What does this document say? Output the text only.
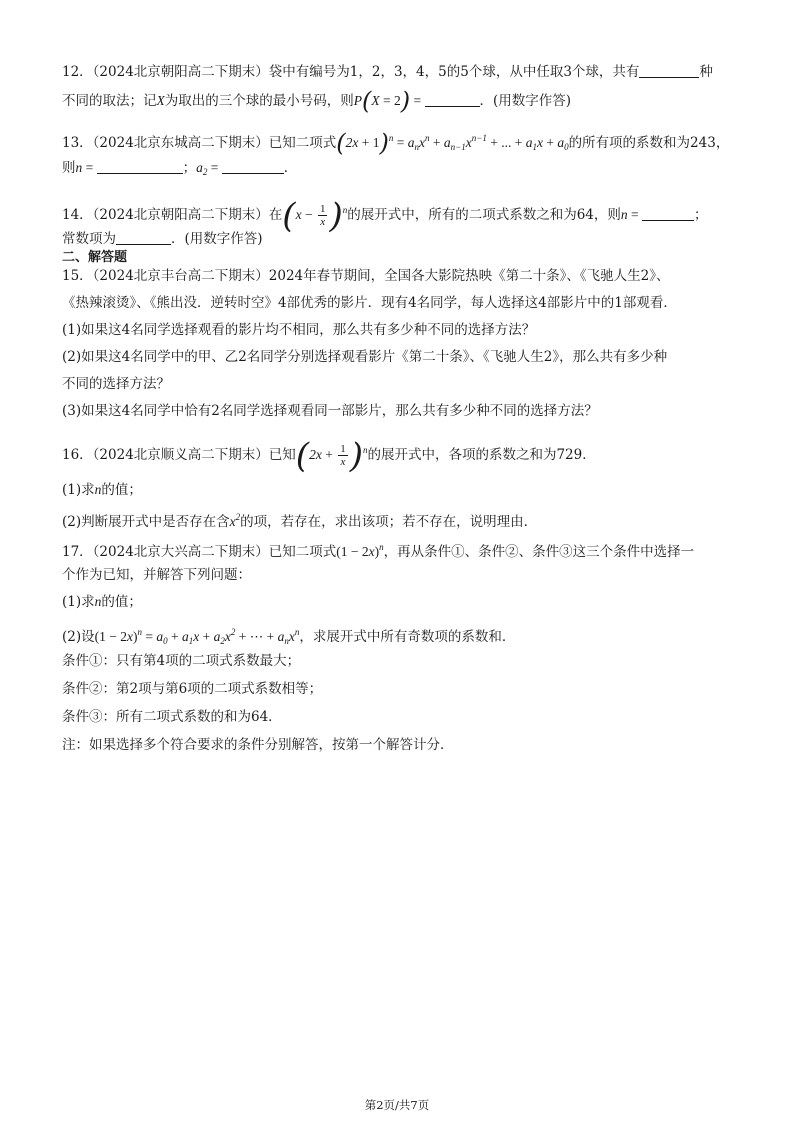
12．（2024北京朝阳高二下期末）袋中有编号为1，2，3，4，5的5个球，从中任取3个球，共有	种
不同的取法；记X为取出的三个球的最小号码，则P(X = 2) =	．(用数字作答)
13．（2024北京东城高二下期末）已知二项式$(2x + 1)^n = a_nx^n + a_{n-1}x^{n-1}$ + ... + $a_1x + a_0$的所有项的系数和为243，
则n =	；$a_2$ =	．
14．（2024北京朝阳高二下期末）在$(x - \frac{1}{x} )^n$的展开式中，所有的二项式系数之和为64，则n =	；
常数项为	．(用数字作答)
二、解答题
15．（2024北京丰台高二下期末）2024年春节期间，全国各大影院热映《第二十条》、《飞驰人生2》、
《热辣滚烫》、《熊出没．逆转时空》4部优秀的影片．现有4名同学，每人选择这4部影片中的1部观看．
(1)如果这4名同学选择观看的影片均不相同，那么共有多少种不同的选择方法？
(2)如果这4名同学中的甲、乙2名同学分别选择观看影片《第二十条》、《飞驰人生2》，那么共有多少种
不同的选择方法？
(3)如果这4名同学中恰有2名同学选择观看同一部影片，那么共有多少种不同的选择方法？
16．（2024北京顺义高二下期末）已知$(2x + \frac{1}{x} )^n$的展开式中，各项的系数之和为729．
(1)求n的值；
(2)判断展开式中是否存在含$x^2$的项，若存在，求出该项；若不存在，说明理由．
17．（2024北京大兴高二下期末）已知二项式$(1 - 2x)^n$，再从条件①、条件②、条件③这三个条件中选择一
个作为已知，并解答下列问题：
(1)求n的值；
(2)设$(1 - 2x)^n = a_0 + a_1x + a_2x^2$ + ⋯ + $a_nx^n$，求展开式中所有奇数项的系数和．
条件①：只有第4项的二项式系数最大；
条件②：第2项与第6项的二项式系数相等；
条件③：所有二项式系数的和为64．
注：如果选择多个符合要求的条件分别解答，按第一个解答计分．
第2页/共7页
